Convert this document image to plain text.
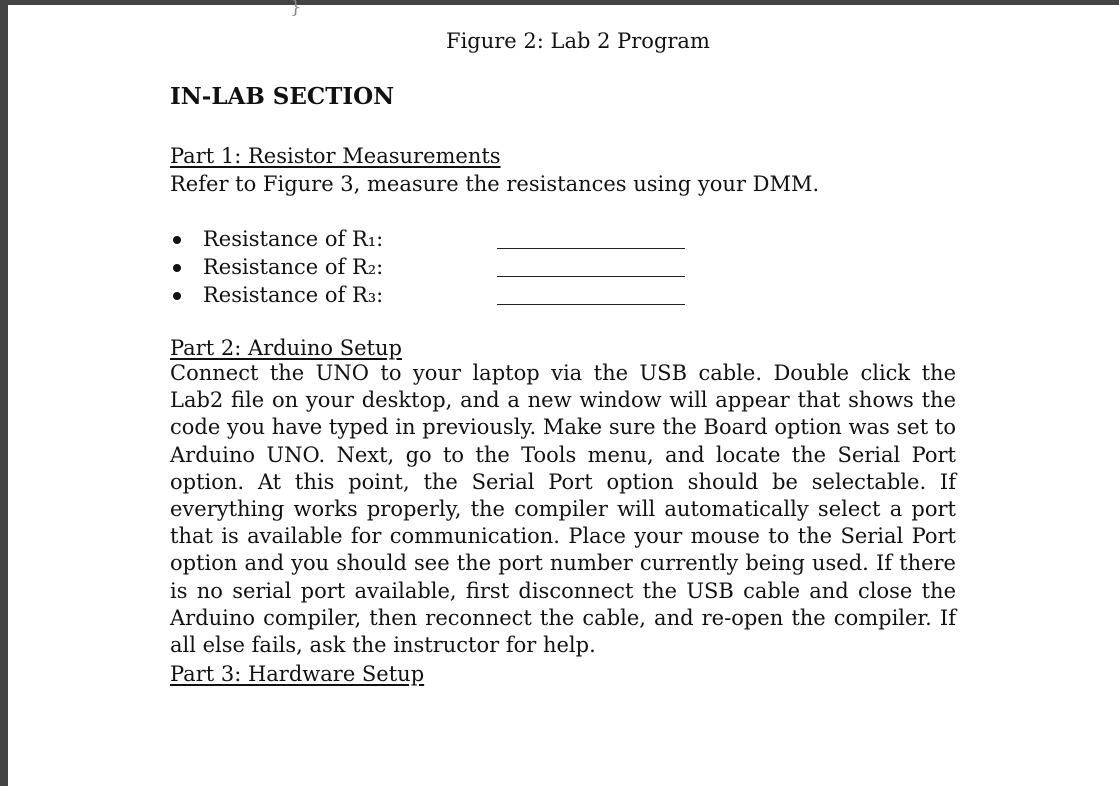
}
Figure 2: Lab 2 Program
IN-LAB SECTION
Part 1: Resistor Measurements
Refer to Figure 3, measure the resistances using your DMM.
Resistance of R₁:
Resistance of R₂:
Resistance of R₃:
Part 2: Arduino Setup
Connect the UNO to your laptop via the USB cable. Double click the Lab2 file on your desktop, and a new window will appear that shows the code you have typed in previously. Make sure the Board option was set to Arduino UNO. Next, go to the Tools menu, and locate the Serial Port option. At this point, the Serial Port option should be selectable. If everything works properly, the compiler will automatically select a port that is available for communication. Place your mouse to the Serial Port option and you should see the port number currently being used. If there is no serial port available, first disconnect the USB cable and close the Arduino compiler, then reconnect the cable, and re-open the compiler. If all else fails, ask the instructor for help.
Part 3: Hardware Setup
